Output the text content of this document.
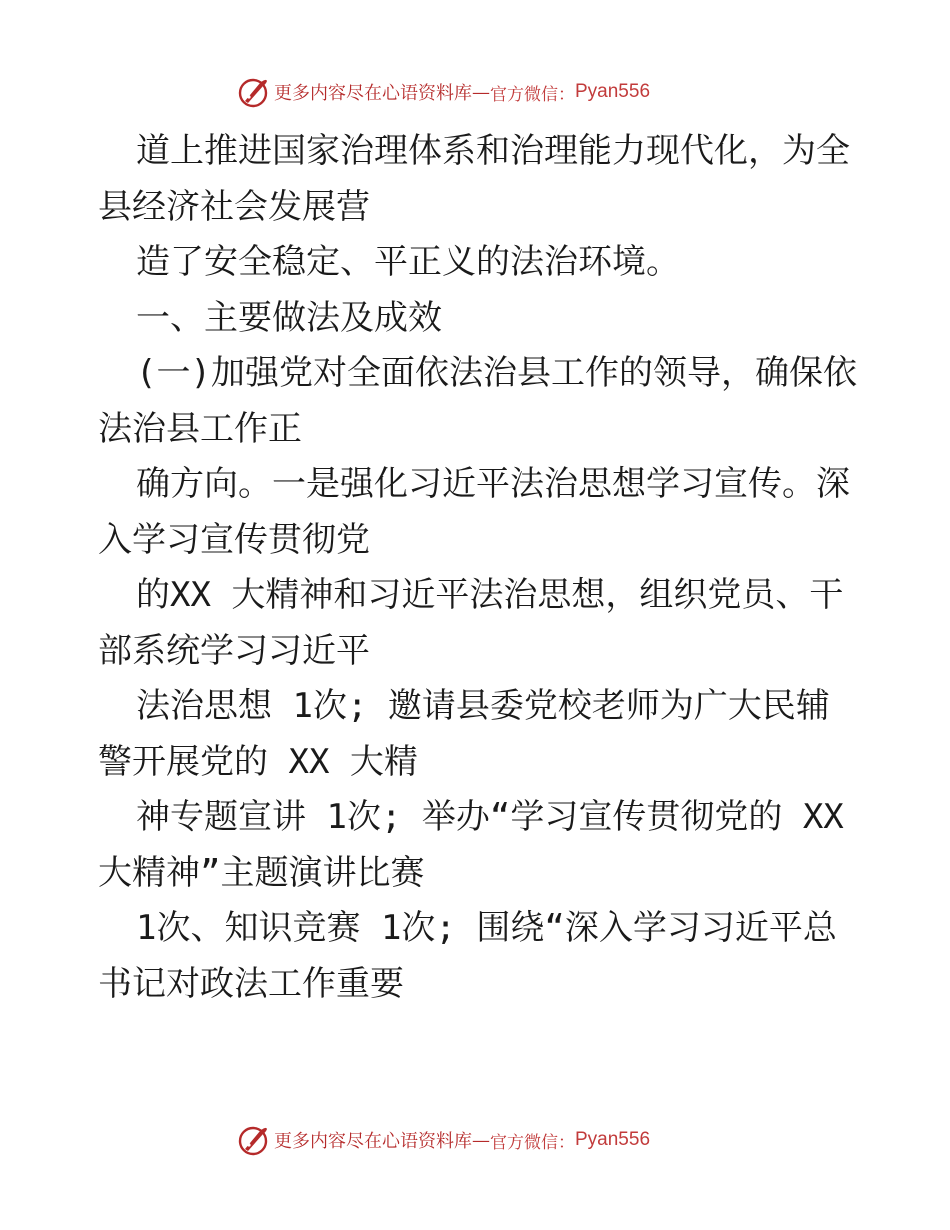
更多内容尽在心语资料库 — 官方微信： Pyan556

道上推进国家治理体系和治理能力现代化，为全

县经济社会发展营

造了安全稳定、平正义的法治环境。

一、主要做法及成效

(一)加强党对全面依法治县工作的领导，确保依

法治县工作正

确方向。一是强化习近平法治思想学习宣传。深

入学习宣传贯彻党

的XX 大精神和习近平法治思想，组织党员、干

部系统学习习近平

法治思想 1次; 邀请县委党校老师为广大民辅

警开展党的 XX 大精

神专题宣讲 1次; 举办“学习宣传贯彻党的 XX

大精神”主题演讲比赛

1次、知识竞赛 1次; 围绕“深入学习习近平总

书记对政法工作重要

更多内容尽在心语资料库 — 官方微信： Pyan556
